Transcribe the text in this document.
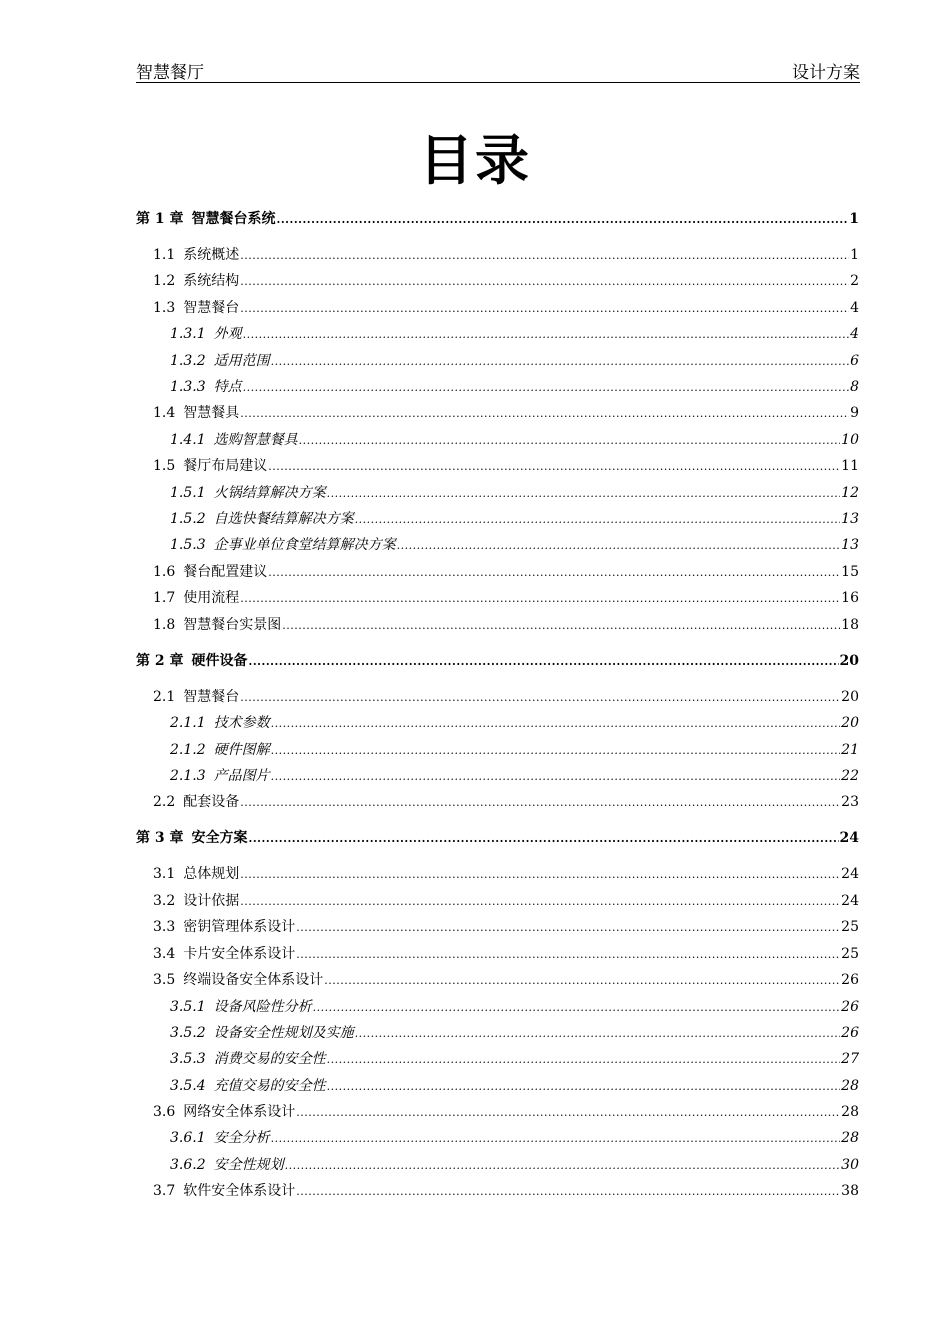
智慧餐厅	设计方案
目录
第 1 章 智慧餐台系统 .....	1
1.1 系统概述 .....	1
1.2 系统结构 .....	2
1.3 智慧餐台 .....	4
1.3.1 外观 .....	4
1.3.2 适用范围 .....	6
1.3.3 特点 .....	8
1.4 智慧餐具 .....	9
1.4.1 选购智慧餐具 .....	10
1.5 餐厅布局建议 .....	11
1.5.1 火锅结算解决方案 .....	12
1.5.2 自选快餐结算解决方案 .....	13
1.5.3 企事业单位食堂结算解决方案 .....	13
1.6 餐台配置建议 .....	15
1.7 使用流程 .....	16
1.8 智慧餐台实景图 .....	18
第 2 章 硬件设备 .....	20
2.1 智慧餐台 .....	20
2.1.1 技术参数 .....	20
2.1.2 硬件图解 .....	21
2.1.3 产品图片 .....	22
2.2 配套设备 .....	23
第 3 章 安全方案 .....	24
3.1 总体规划 .....	24
3.2 设计依据 .....	24
3.3 密钥管理体系设计 .....	25
3.4 卡片安全体系设计 .....	25
3.5 终端设备安全体系设计 .....	26
3.5.1 设备风险性分析 .....	26
3.5.2 设备安全性规划及实施 .....	26
3.5.3 消费交易的安全性 .....	27
3.5.4 充值交易的安全性 .....	28
3.6 网络安全体系设计 .....	28
3.6.1 安全分析 .....	28
3.6.2 安全性规划 .....	30
3.7 软件安全体系设计 .....	38
